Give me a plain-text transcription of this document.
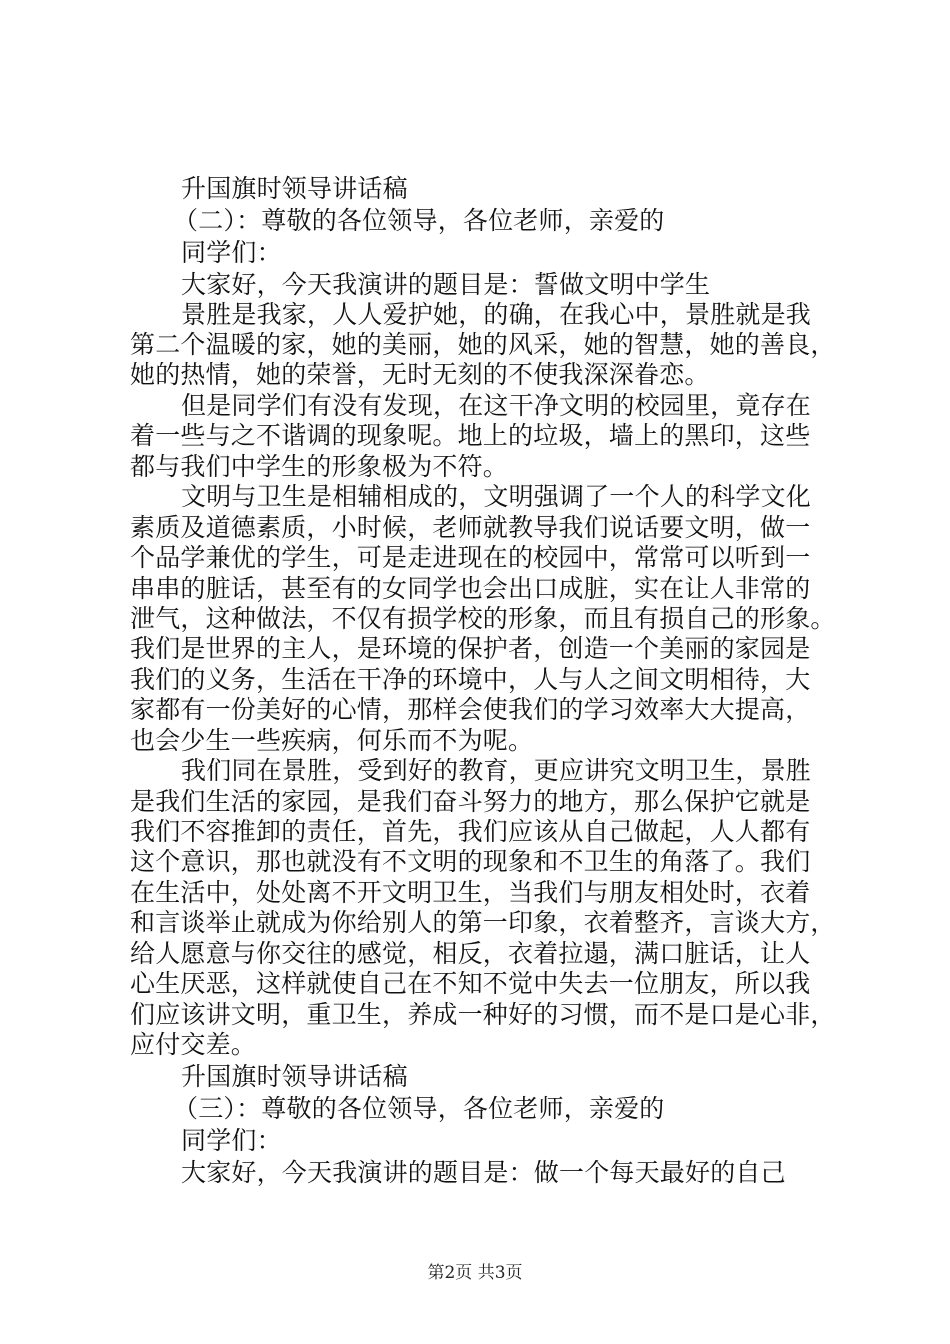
升国旗时领导讲话稿
（二）：尊敬的各位领导，各位老师，亲爱的
同学们：
大家好，今天我演讲的题目是：誓做文明中学生
景胜是我家，人人爱护她，的确，在我心中，景胜就是我
第二个温暖的家，她的美丽，她的风采，她的智慧，她的善良，
她的热情，她的荣誉，无时无刻的不使我深深眷恋。
但是同学们有没有发现，在这干净文明的校园里，竟存在
着一些与之不谐调的现象呢。地上的垃圾，墙上的黑印，这些
都与我们中学生的形象极为不符。
文明与卫生是相辅相成的，文明强调了一个人的科学文化
素质及道德素质，小时候，老师就教导我们说话要文明，做一
个品学兼优的学生，可是走进现在的校园中，常常可以听到一
串串的脏话，甚至有的女同学也会出口成脏，实在让人非常的
泄气，这种做法，不仅有损学校的形象，而且有损自己的形象。
我们是世界的主人，是环境的保护者，创造一个美丽的家园是
我们的义务，生活在干净的环境中，人与人之间文明相待，大
家都有一份美好的心情，那样会使我们的学习效率大大提高，
也会少生一些疾病，何乐而不为呢。
我们同在景胜，受到好的教育，更应讲究文明卫生，景胜
是我们生活的家园，是我们奋斗努力的地方，那么保护它就是
我们不容推卸的责任，首先，我们应该从自己做起，人人都有
这个意识，那也就没有不文明的现象和不卫生的角落了。我们
在生活中，处处离不开文明卫生，当我们与朋友相处时，衣着
和言谈举止就成为你给别人的第一印象，衣着整齐，言谈大方，
给人愿意与你交往的感觉，相反，衣着拉遢，满口脏话，让人
心生厌恶，这样就使自己在不知不觉中失去一位朋友，所以我
们应该讲文明，重卫生，养成一种好的习惯，而不是口是心非，
应付交差。
升国旗时领导讲话稿
（三）：尊敬的各位领导，各位老师，亲爱的
同学们：
大家好，今天我演讲的题目是：做一个每天最好的自己
第2页 共3页
